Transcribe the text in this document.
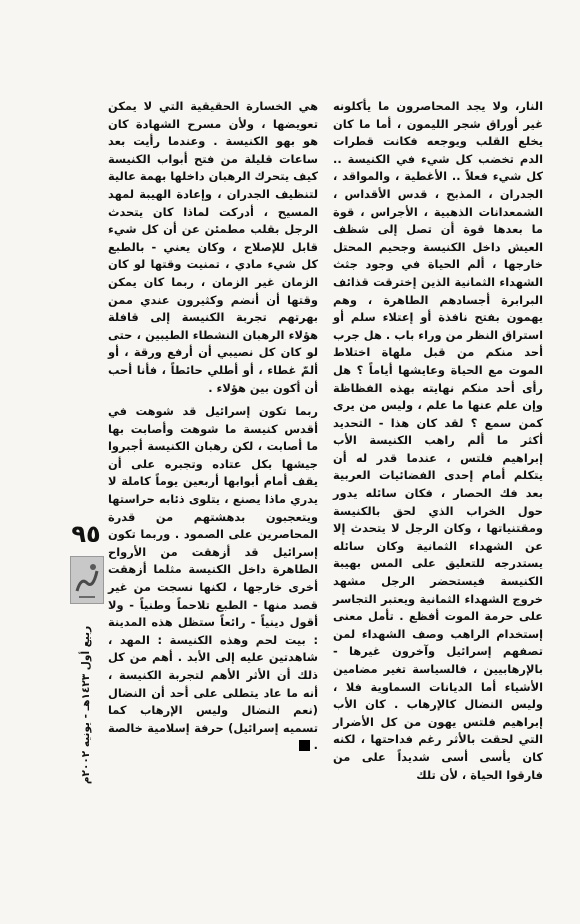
النار، ولا يجد المحاصرون ما يأكلونه غير أوراق شجر الليمون ، أما ما كان يخلع القلب ويوجعه فكانت قطرات الدم تخضب كل شيء في الكنيسة .. كل شيء فعلاً .. الأغطية ، والمواقد ، الجدران ، المذبح ، قدس الأقداس ، الشمعدانات الذهبية ، الأجراس ، قوة ما بعدها قوة أن تصل إلى شظف العيش داخل الكنيسة وجحيم المحتل خارجها ، ألم الحياة في وجود جثث الشهداء الثمانية الذين إخترقت قذائف البرابرة أجسادهم الطاهرة ، وهم يهمون بفتح نافذة أو إعتلاء سلم أو استراق النظر من وراء باب . هل جرب أحد منكم من قبل ملهاة اختلاط الموت مع الحياة وعايشها أياماً ؟ هل رأى أحد منكم نهايته بهذه الفظاظة وإن علم عنها ما علم ، وليس من يرى كمن سمع ؟ لقد كان هذا - التحديد أكثر ما ألم راهب الكنيسة الأب إبراهيم فلتس ، عندما قدر له أن يتكلم أمام إحدى الفضائيات العربية بعد فك الحصار ، فكان سائله يدور حول الخراب الذي لحق بالكنيسة ومقتنياتها ، وكان الرجل لا يتحدث إلا عن الشهداء الثمانية وكان سائله يستدرجه للتعليق على المس بهيبة الكنيسة فيستحضر الرجل مشهد خروج الشهداء الثمانية ويعتبر التجاسر على حرمة الموت أفظع . تأمل معنى إستخدام الراهب وصف الشهداء لمن تصفهم إسرائيل وآخرون غيرها - بالإرهابيين ، فالسياسة تغير مضامين الأشياء أما الديانات السماوية فلا ، وليس النضال كالإرهاب . كان الأب إبراهيم فلتس يهون من كل الأضرار التي لحقت بالأثر رغم فداحتها ، لكنه كان يأسى أسى شديداً على من فارقوا الحياة ، لأن تلك

هي الخسارة الحقيقية التي لا يمكن تعويضها ، ولأن مسرح الشهادة كان هو بهو الكنيسة . وعندما رأيت بعد ساعات قليلة من فتح أبواب الكنيسة كيف يتحرك الرهبان داخلها بهمة عالية لتنظيف الجدران ، وإعادة الهيبة لمهد المسيح ، أدركت لماذا كان يتحدث الرجل بقلب مطمئن عن أن كل شيء قابل للإصلاح ، وكان يعني - بالطبع كل شيء مادي ، تمنيت وقتها لو كان الزمان غير الزمان ، ربما كان يمكن وقتها أن أنضم وكثيرون عندي ممن بهرتهم تجربة الكنيسة إلى قافلة هؤلاء الرهبان النشطاء الطيبين ، حتى لو كان كل نصيبي أن أرفع ورقة ، أو ألمّ غطاء ، أو أطلي حائطاً ، فأنا أحب أن أكون بين هؤلاء .

ربما تكون إسرائيل قد شوهت في أقدس كنيسة ما شوهت وأصابت بها ما أصابت ، لكن رهبان الكنيسة أجبروا جيشها بكل عتاده وتجبره على أن يقف أمام أبوابها أربعين يوماً كاملة لا يدري ماذا يصنع ، يتلوى ذئابه حراستها ويتعجبون بدهشتهم من قدرة المحاصرين على الصمود . وربما تكون إسرائيل قد أزهقت من الأرواح الطاهرة داخل الكنيسة مثلما أزهقت أخرى خارجها ، لكنها نسجت من غير قصد منها - الطبع تلاحماً وطنياً - ولا أقول دينياً - رائعاً ستظل هذه المدينة : بيت لحم وهذه الكنيسة : المهد ، شاهدتين عليه إلى الأبد . أهم من كل ذلك أن الأثر الأهم لتجربة الكنيسة ، أنه ما عاد يتطلى على أحد أن النضال (نعم النضال وليس الإرهاب كما تسميه إسرائيل) حرفة إسلامية خالصة .

٩٥
ربيع أول ١٤٢٣هـ - يونيه ٢٠٠٢م
